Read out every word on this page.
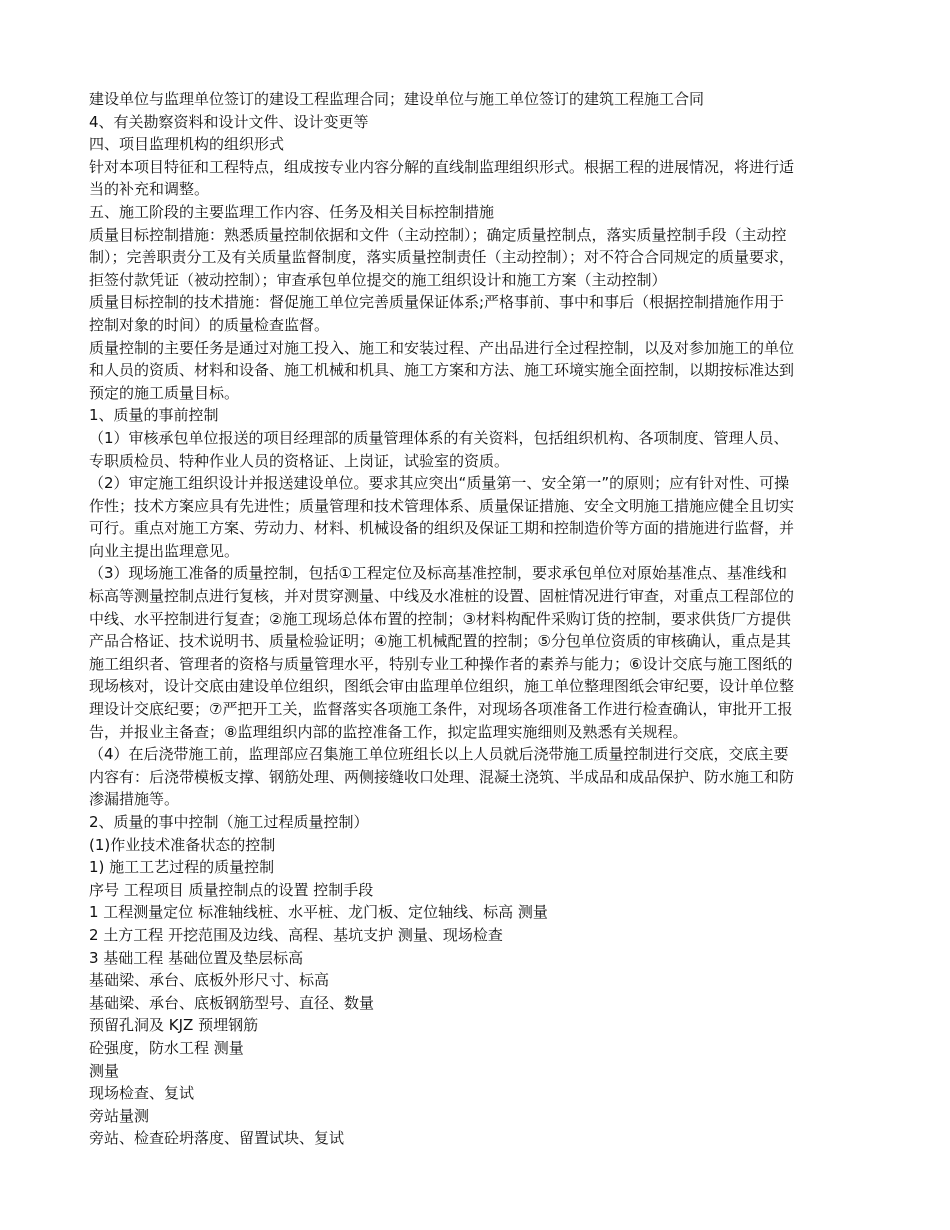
建设单位与监理单位签订的建设工程监理合同；建设单位与施工单位签订的建筑工程施工合同

4、有关勘察资料和设计文件、设计变更等

四、项目监理机构的组织形式

针对本项目特征和工程特点，组成按专业内容分解的直线制监理组织形式。根据工程的进展情况，将进行适

当的补充和调整。

五、施工阶段的主要监理工作内容、任务及相关目标控制措施

质量目标控制措施：熟悉质量控制依据和文件（主动控制）；确定质量控制点，落实质量控制手段（主动控

制）；完善职责分工及有关质量监督制度，落实质量控制责任（主动控制）；对不符合合同规定的质量要求，

拒签付款凭证（被动控制）；审查承包单位提交的施工组织设计和施工方案（主动控制）

质量目标控制的技术措施：督促施工单位完善质量保证体系;严格事前、事中和事后（根据控制措施作用于

控制对象的时间）的质量检查监督。

质量控制的主要任务是通过对施工投入、施工和安装过程、产出品进行全过程控制，以及对参加施工的单位

和人员的资质、材料和设备、施工机械和机具、施工方案和方法、施工环境实施全面控制，以期按标准达到

预定的施工质量目标。

1、质量的事前控制

（1）审核承包单位报送的项目经理部的质量管理体系的有关资料，包括组织机构、各项制度、管理人员、

专职质检员、特种作业人员的资格证、上岗证，试验室的资质。

（2）审定施工组织设计并报送建设单位。要求其应突出“质量第一、安全第一”的原则；应有针对性、可操

作性；技术方案应具有先进性；质量管理和技术管理体系、质量保证措施、安全文明施工措施应健全且切实

可行。重点对施工方案、劳动力、材料、机械设备的组织及保证工期和控制造价等方面的措施进行监督，并

向业主提出监理意见。

（3）现场施工准备的质量控制，包括①工程定位及标高基准控制，要求承包单位对原始基准点、基准线和

标高等测量控制点进行复核，并对贯穿测量、中线及水准桩的设置、固桩情况进行审查，对重点工程部位的

中线、水平控制进行复查；②施工现场总体布置的控制；③材料构配件采购订货的控制，要求供货厂方提供

产品合格证、技术说明书、质量检验证明；④施工机械配置的控制；⑤分包单位资质的审核确认，重点是其

施工组织者、管理者的资格与质量管理水平，特别专业工种操作者的素养与能力；⑥设计交底与施工图纸的

现场核对，设计交底由建设单位组织，图纸会审由监理单位组织，施工单位整理图纸会审纪要，设计单位整

理设计交底纪要；⑦严把开工关，监督落实各项施工条件，对现场各项准备工作进行检查确认，审批开工报

告，并报业主备查；⑧监理组织内部的监控准备工作，拟定监理实施细则及熟悉有关规程。

（4）在后浇带施工前，监理部应召集施工单位班组长以上人员就后浇带施工质量控制进行交底，交底主要

内容有：后浇带模板支撑、钢筋处理、两侧接缝收口处理、混凝土浇筑、半成品和成品保护、防水施工和防

渗漏措施等。

2、质量的事中控制（施工过程质量控制）

(1)作业技术准备状态的控制

1) 施工工艺过程的质量控制

序号 工程项目 质量控制点的设置 控制手段

1 工程测量定位 标准轴线桩、水平桩、龙门板、定位轴线、标高 测量

2 土方工程 开挖范围及边线、高程、基坑支护 测量、现场检查

3 基础工程 基础位置及垫层标高

基础梁、承台、底板外形尺寸、标高

基础梁、承台、底板钢筋型号、直径、数量

预留孔洞及 KJZ 预埋钢筋

砼强度，防水工程 测量

测量

现场检查、复试

旁站量测

旁站、检查砼坍落度、留置试块、复试
